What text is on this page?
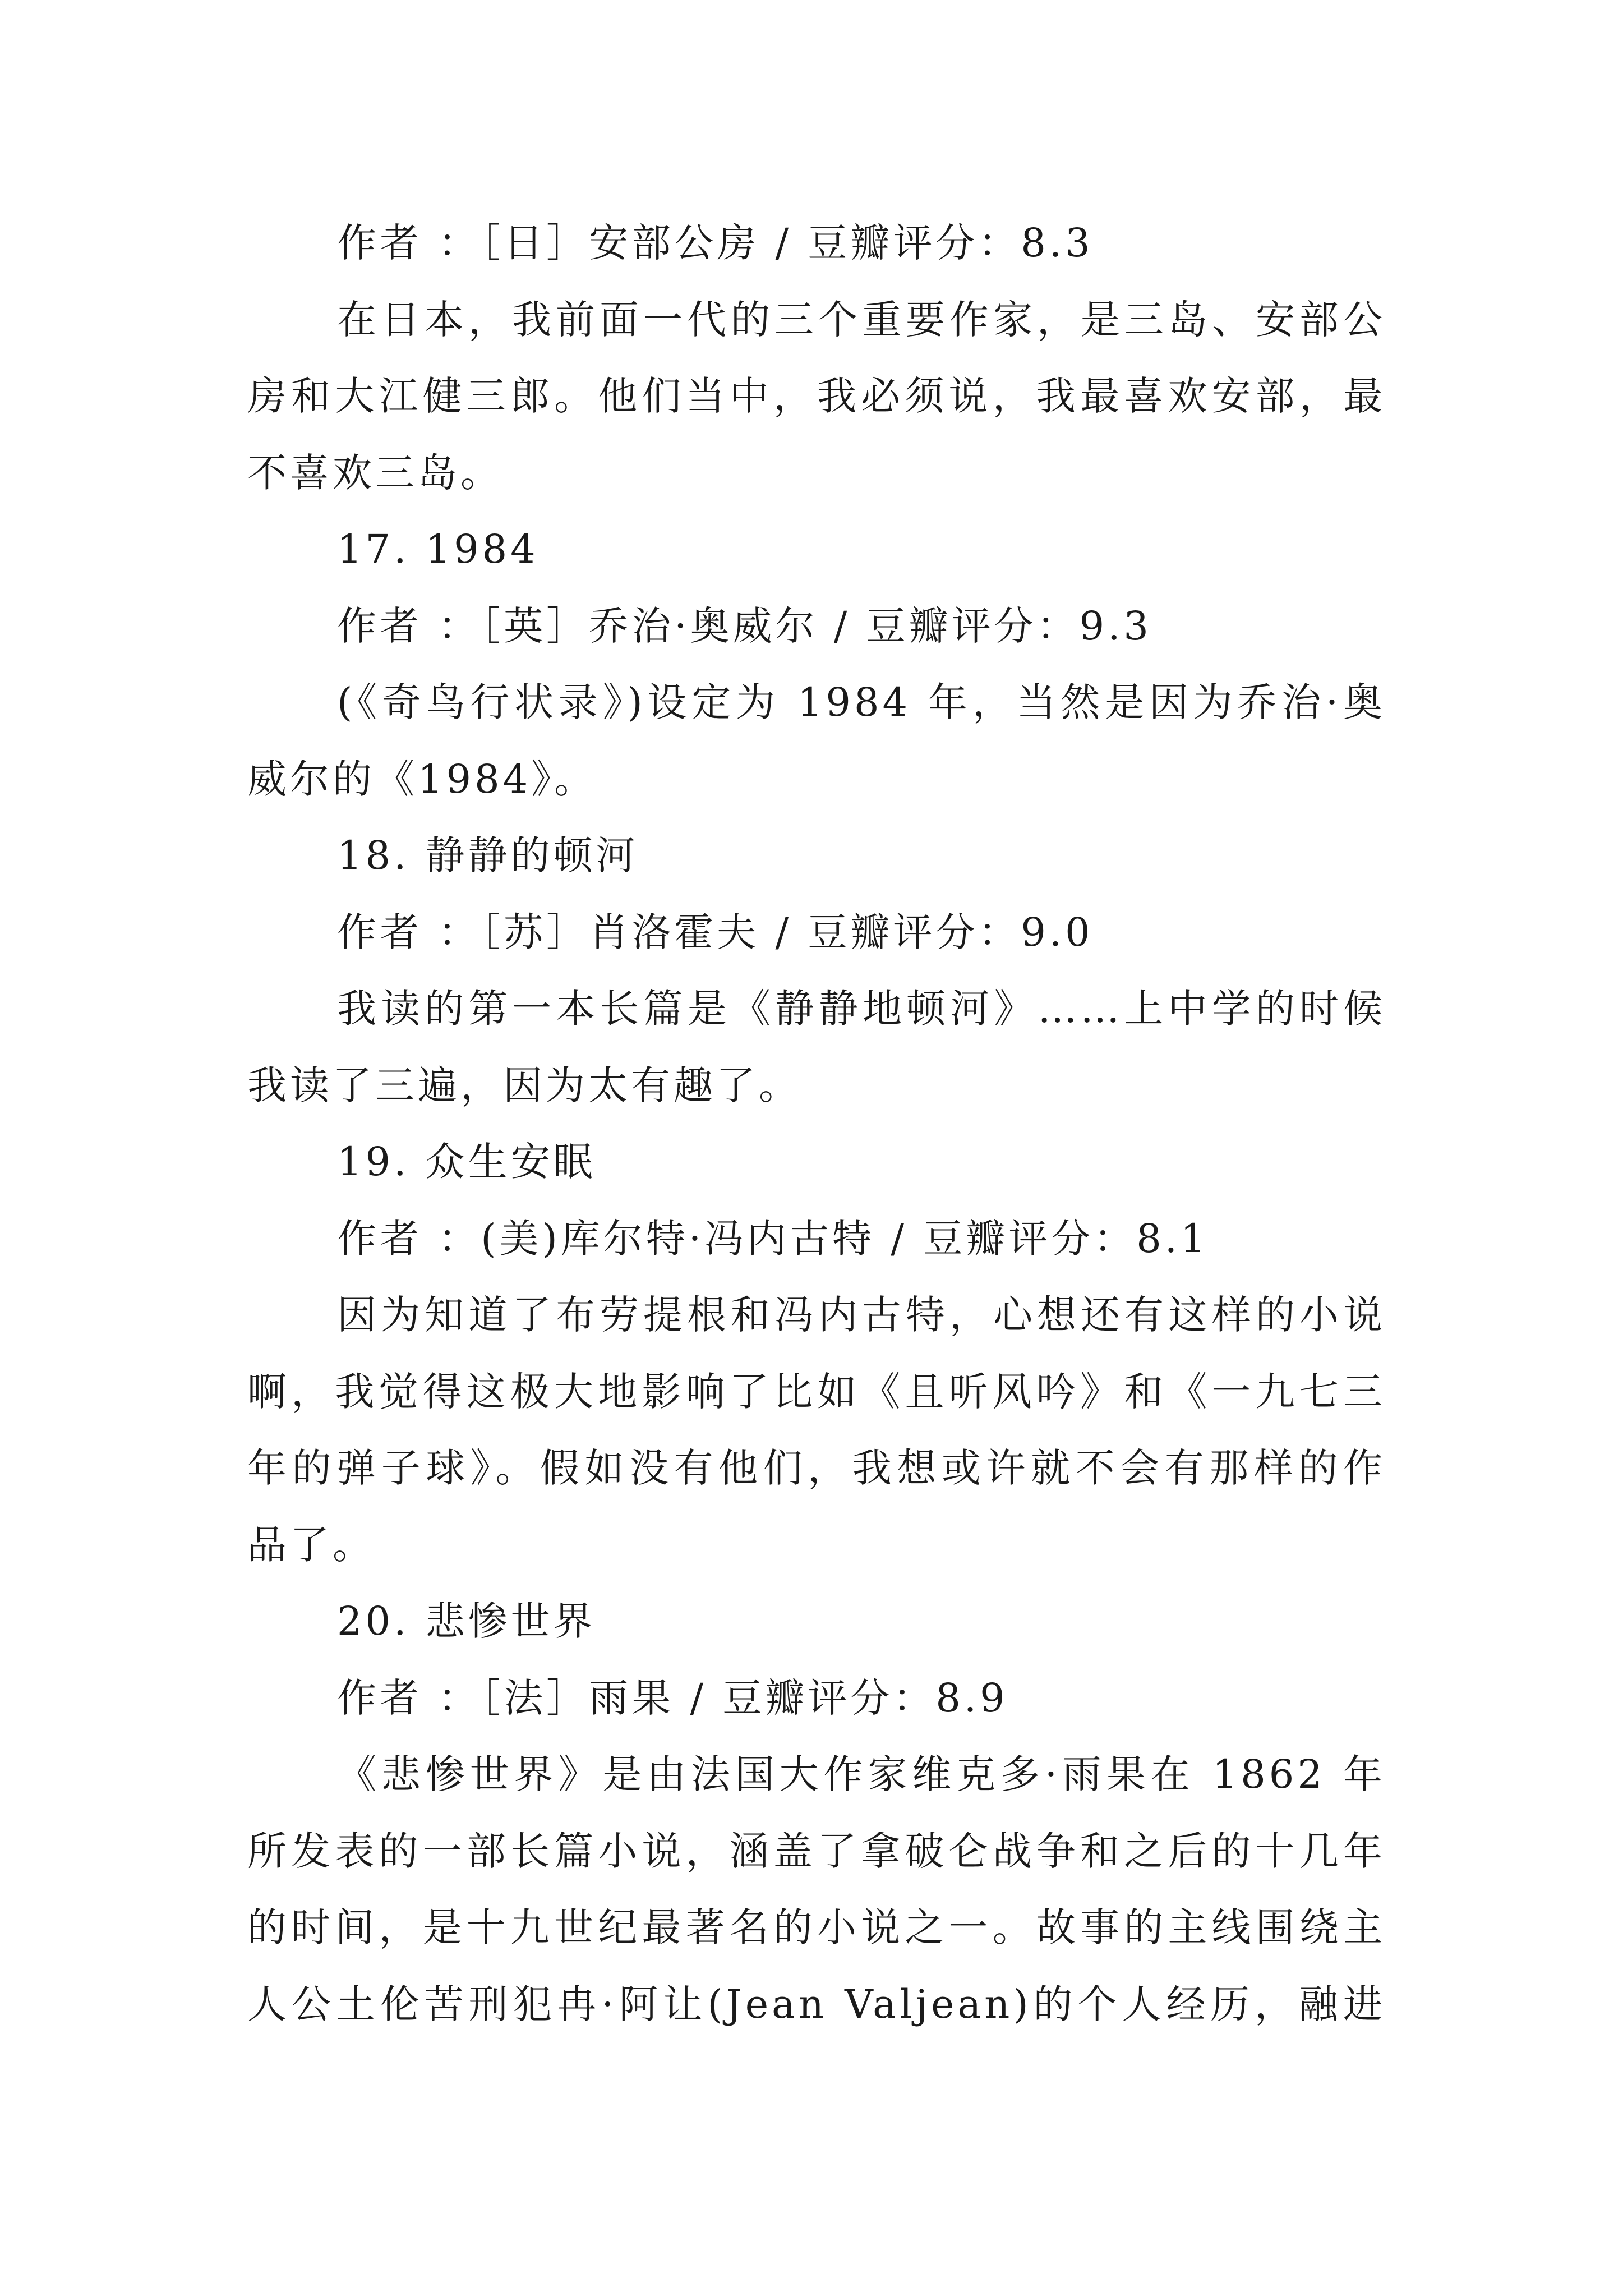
作者 ：［日］安部公房 / 豆瓣评分：8.3
在日本，我前面一代的三个重要作家，是三岛、安部公
房和大江健三郎。他们当中，我必须说，我最喜欢安部，最
不喜欢三岛。
17. 1984
作者 ：［英］乔治·奥威尔 / 豆瓣评分：9.3
(《奇鸟行状录》)设定为 1984 年，当然是因为乔治·奥
威尔的《1984》。
18. 静静的顿河
作者 ：［苏］肖洛霍夫 / 豆瓣评分：9.0
我读的第一本长篇是《静静地顿河》……上中学的时候
我读了三遍，因为太有趣了。
19. 众生安眠
作者 ：(美)库尔特·冯内古特 / 豆瓣评分：8.1
因为知道了布劳提根和冯内古特，心想还有这样的小说
啊，我觉得这极大地影响了比如《且听风吟》和《一九七三
年的弹子球》。假如没有他们，我想或许就不会有那样的作
品了。
20. 悲惨世界
作者 ：［法］雨果 / 豆瓣评分：8.9
《悲惨世界》是由法国大作家维克多·雨果在 1862 年
所发表的一部长篇小说，涵盖了拿破仑战争和之后的十几年
的时间，是十九世纪最著名的小说之一。故事的主线围绕主
人公土伦苦刑犯冉·阿让(Jean Valjean)的个人经历，融进
